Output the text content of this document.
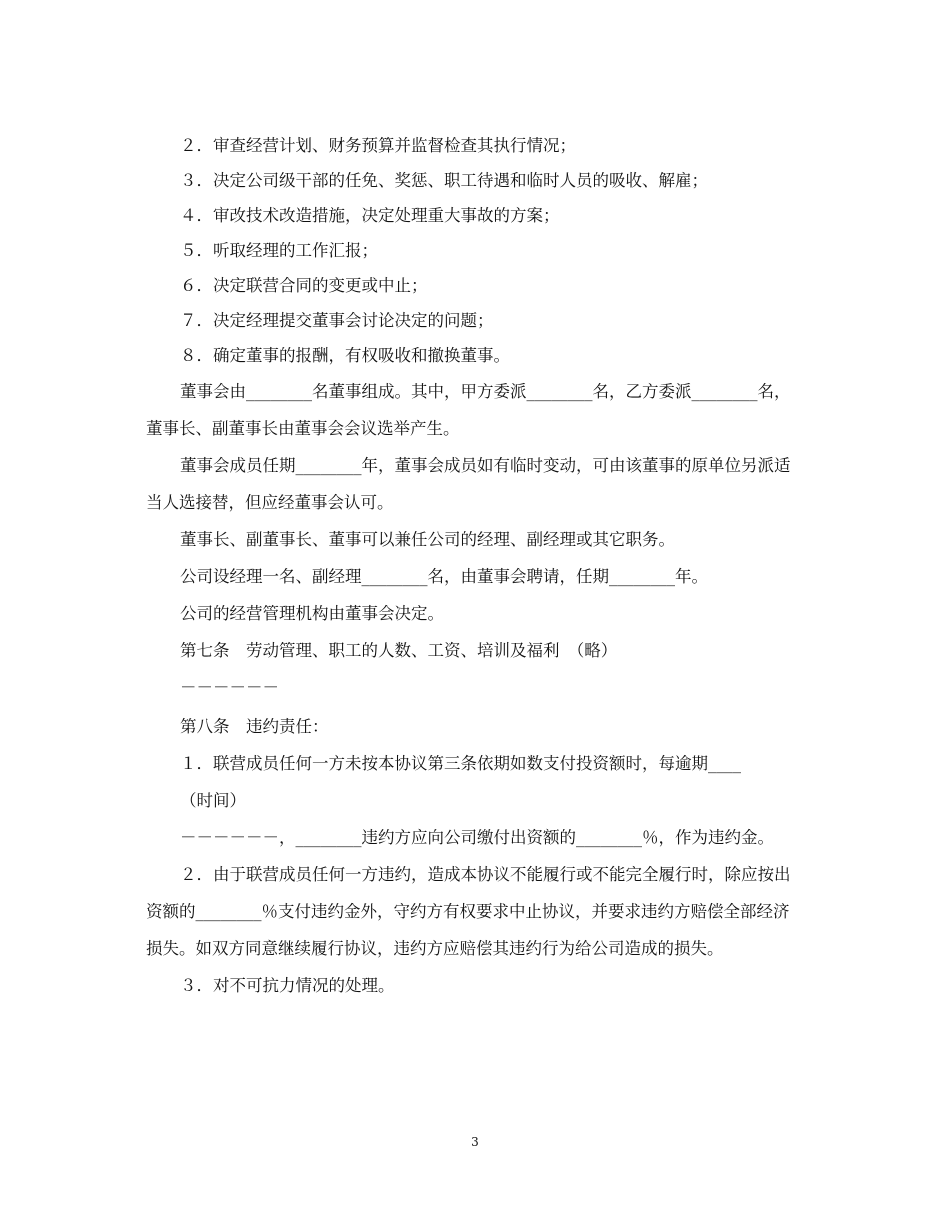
２．审查经营计划、财务预算并监督检查其执行情况；
３．决定公司级干部的任免、奖惩、职工待遇和临时人员的吸收、解雇；
４．审改技术改造措施，决定处理重大事故的方案；
５．听取经理的工作汇报；
６．决定联营合同的变更或中止；
７．决定经理提交董事会讨论决定的问题；
８．确定董事的报酬，有权吸收和撤换董事。
董事会由________名董事组成。其中，甲方委派________名，乙方委派________名，董事长、副董事长由董事会会议选举产生。
董事会成员任期________年，董事会成员如有临时变动，可由该董事的原单位另派适当人选接替，但应经董事会认可。
董事长、副董事长、董事可以兼任公司的经理、副经理或其它职务。
公司设经理一名、副经理________名，由董事会聘请，任期________年。
公司的经营管理机构由董事会决定。
第七条　劳动管理、职工的人数、工资、培训及福利　（略）
－－－－－－
第八条　违约责任：
１．联营成员任何一方未按本协议第三条依期如数支付投资额时，每逾期____
（时间）
－－－－－－，________违约方应向公司缴付出资额的________％，作为违约金。
２．由于联营成员任何一方违约，造成本协议不能履行或不能完全履行时，除应按出资额的________％支付违约金外，守约方有权要求中止协议，并要求违约方赔偿全部经济损失。如双方同意继续履行协议，违约方应赔偿其违约行为给公司造成的损失。
３．对不可抗力情况的处理。
3
